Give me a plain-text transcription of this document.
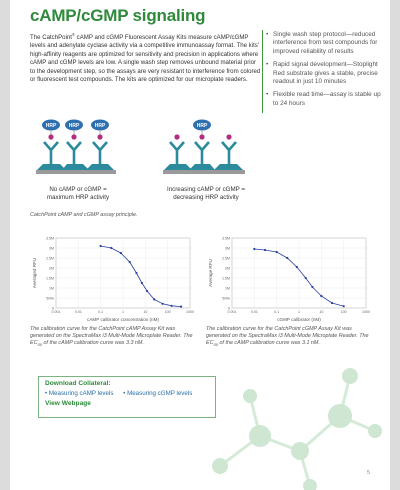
cAMP/cGMP signaling
The CatchPoint® cAMP and cGMP Fluorescent Assay Kits measure cAMP/cGMP levels and adenylate cyclase activity via a competitive immunoassay format. The kits' high-affinity reagents are optimized for sensitivity and precision in applications where cAMP and cGMP levels are low. A single wash step removes unbound material prior to the development step, so the assays are very resistant to interference from colored or fluorescent test compounds. The kits are optimized for our microplate readers.
• Single wash step protocol—reduced interference from test compounds for improved reliability of results
• Rapid signal development—Stoplight Red substrate gives a stable, precise readout in just 10 minutes
• Flexible read time—assay is stable up to 24 hours
HRP HRP	HRP	HRP
No cAMP or cGMP = maximum HRP activity
Increasing cAMP or cGMP = decreasing HRP activity
CatchPoint cAMP and cGMP assay principle.
3.5M
3M
2.5M
2M
1.5M
1M
500k
0
0.001	0.01	0.1	1	10	100	1000
cAMP calibrator concentration (nM)
Averaged RFU
The calibration curve for the CatchPoint cAMP Assay Kit was generated on the SpectraMax i3 Multi-Mode Microplate Reader. The $EC_{50}$ of the cAMP calibration curve was 3.3 nM.
3.5M
3M
2.5M
2M
1.5M
1M
500k
0
0.001	0.01	0.1	1	10	100	1000
cGMP calibrator (nM)
Average RFU
The calibration curve for the CatchPoint cGMP Assay Kit was generated on the SpectraMax i3 Multi-Mode Microplate Reader. The $EC_{50}$ of the cAMP calibration curve was 3.1 nM.
Download Collateral:
• Measuring cAMP levels • Measuring cGMP levels
View Webpage
5
